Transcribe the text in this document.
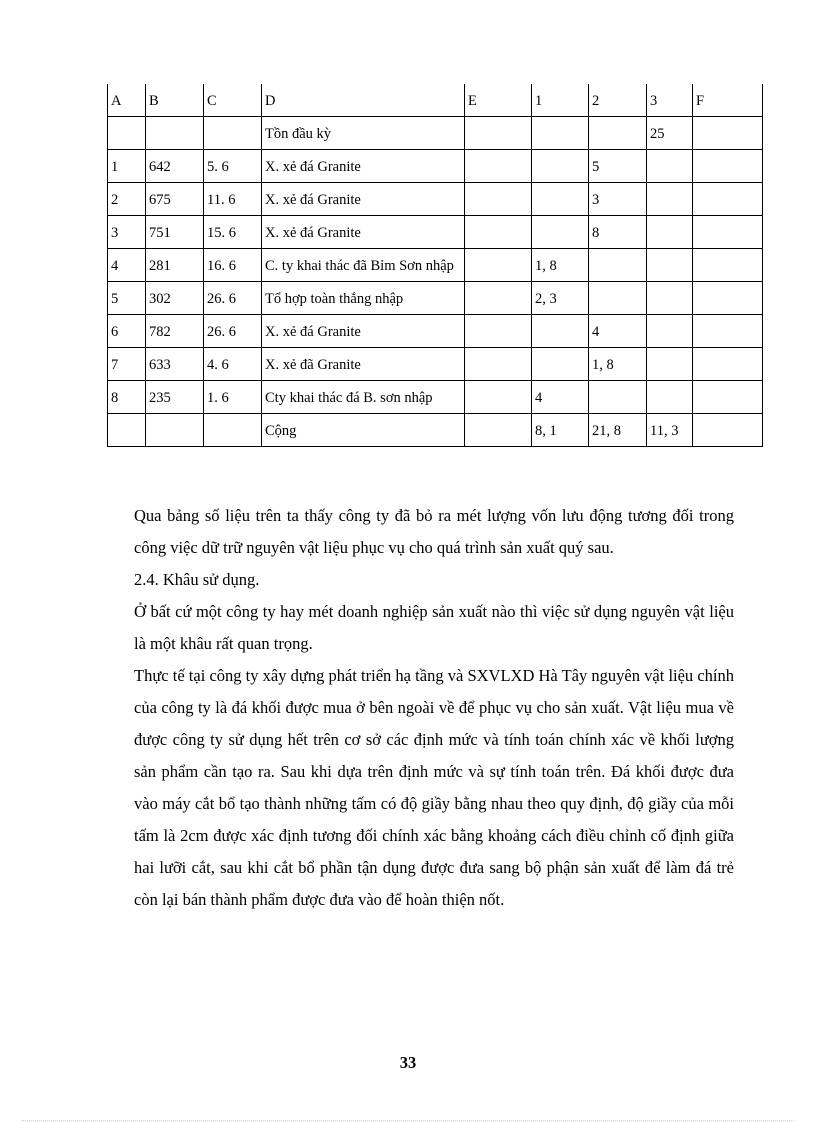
A	B	C	D	E	1	2	3	F
			Tồn đầu kỳ				25	
1	642	5. 6	X. xẻ đá Granite			5		
2	675	11. 6	X. xẻ đá Granite			3		
3	751	15. 6	X. xẻ đá Granite			8		
4	281	16. 6	C. ty khai thác đã Bỉm Sơn nhập		1, 8			
5	302	26. 6	Tổ hợp toàn thắng nhập		2, 3			
6	782	26. 6	X. xẻ đá Granite			4		
7	633	4. 6	X. xẻ đã Granite			1, 8		
8	235	1. 6	Cty khai thác đá B. sơn nhập		4			
			Cộng		8, 1	21, 8	11, 3	

Qua bảng số liệu trên ta thấy công ty đã bỏ ra mét lượng vốn lưu động tương đối trong công việc dữ trữ nguyên vật liệu phục vụ cho quá trình sản xuất quý sau.

2.4. Khâu sử dụng.

Ở bất cứ một công ty hay mét doanh nghiệp sản xuất nào thì việc sử dụng nguyên vật liệu là một khâu rất quan trọng.

Thực tế tại công ty xây dựng phát triển hạ tầng và SXVLXD Hà Tây nguyên vật liệu chính của công ty là đá khối được mua ở bên ngoài về để phục vụ cho sản xuất. Vật liệu mua về được công ty sử dụng hết trên cơ sở các định mức và tính toán chính xác về khối lượng sản phẩm cần tạo ra. Sau khi dựa trên định mức và sự tính toán trên. Đá khối được đưa vào máy cắt bổ tạo thành những tấm có độ giầy bằng nhau theo quy định, độ giầy của mỗi tấm là 2cm được xác định tương đối chính xác bằng khoảng cách điều chỉnh cố định giữa hai lưỡi cắt, sau khi cắt bổ phần tận dụng được đưa sang bộ phận sản xuất để làm đá trẻ còn lại bán thành phẩm được đưa vào để hoàn thiện nốt.

33
